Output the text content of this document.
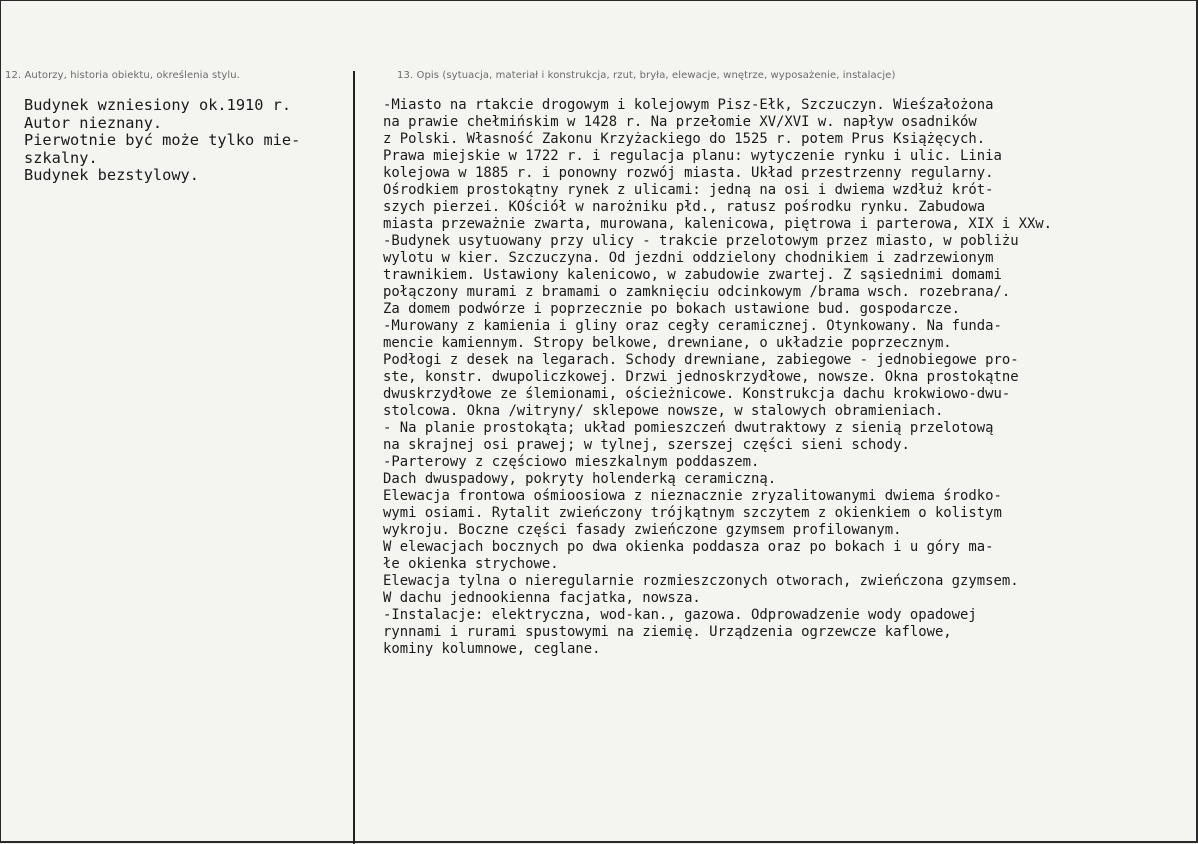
12. Autorzy, historia obiektu, określenia stylu.	13. Opis (sytuacja, materiał i konstrukcja, rzut, bryła, elewacje, wnętrze, wyposażenie, instalacje)
Budynek wzniesiony ok.1910 r.
Autor nieznany.
Pierwotnie być może tylko mie-
szkalny.
Budynek bezstylowy.
-Miasto na rtakcie drogowym i kolejowym Pisz-Ełk, Szczuczyn. Wieśzałożona
na prawie chełmińskim w 1428 r. Na przełomie XV/XVI w. napływ osadników
z Polski. Własność Zakonu Krzyżackiego do 1525 r. potem Prus Książęcych.
Prawa miejskie w 1722 r. i regulacja planu: wytyczenie rynku i ulic. Linia
kolejowa w 1885 r. i ponowny rozwój miasta. Układ przestrzenny regularny.
Ośrodkiem prostokątny rynek z ulicami: jedną na osi i dwiema wzdłuż krót-
szych pierzei. KOściół w narożniku płd., ratusz pośrodku rynku. Zabudowa
miasta przeważnie zwarta, murowana, kalenicowa, piętrowa i parterowa, XIX i XXw.
-Budynek usytuowany przy ulicy - trakcie przelotowym przez miasto, w pobliżu
wylotu w kier. Szczuczyna. Od jezdni oddzielony chodnikiem i zadrzewionym
trawnikiem. Ustawiony kalenicowo, w zabudowie zwartej. Z sąsiednimi domami
połączony murami z bramami o zamknięciu odcinkowym /brama wsch. rozebrana/.
Za domem podwórze i poprzecznie po bokach ustawione bud. gospodarcze.
-Murowany z kamienia i gliny oraz cegły ceramicznej. Otynkowany. Na funda-
mencie kamiennym. Stropy belkowe, drewniane, o układzie poprzecznym.
Podłogi z desek na legarach. Schody drewniane, zabiegowe - jednobiegowe pro-
ste, konstr. dwupoliczkowej. Drzwi jednoskrzydłowe, nowsze. Okna prostokątne
dwuskrzydłowe ze ślemionami, ościeżnicowe. Konstrukcja dachu krokwiowo-dwu-
stolcowa. Okna /witryny/ sklepowe nowsze, w stalowych obramieniach.
- Na planie prostokąta; układ pomieszczeń dwutraktowy z sienią przelotową
na skrajnej osi prawej; w tylnej, szerszej części sieni schody.
-Parterowy z częściowo mieszkalnym poddaszem.
Dach dwuspadowy, pokryty holenderką ceramiczną.
Elewacja frontowa ośmioosiowa z nieznacznie zryzalitowanymi dwiema środko-
wymi osiami. Rytalit zwieńczony trójkątnym szczytem z okienkiem o kolistym
wykroju. Boczne części fasady zwieńczone gzymsem profilowanym.
W elewacjach bocznych po dwa okienka poddasza oraz po bokach i u góry ma-
łe okienka strychowe.
Elewacja tylna o nieregularnie rozmieszczonych otworach, zwieńczona gzymsem.
W dachu jednookienna facjatka, nowsza.
-Instalacje: elektryczna, wod-kan., gazowa. Odprowadzenie wody opadowej
rynnami i rurami spustowymi na ziemię. Urządzenia ogrzewcze kaflowe,
kominy kolumnowe, ceglane.
